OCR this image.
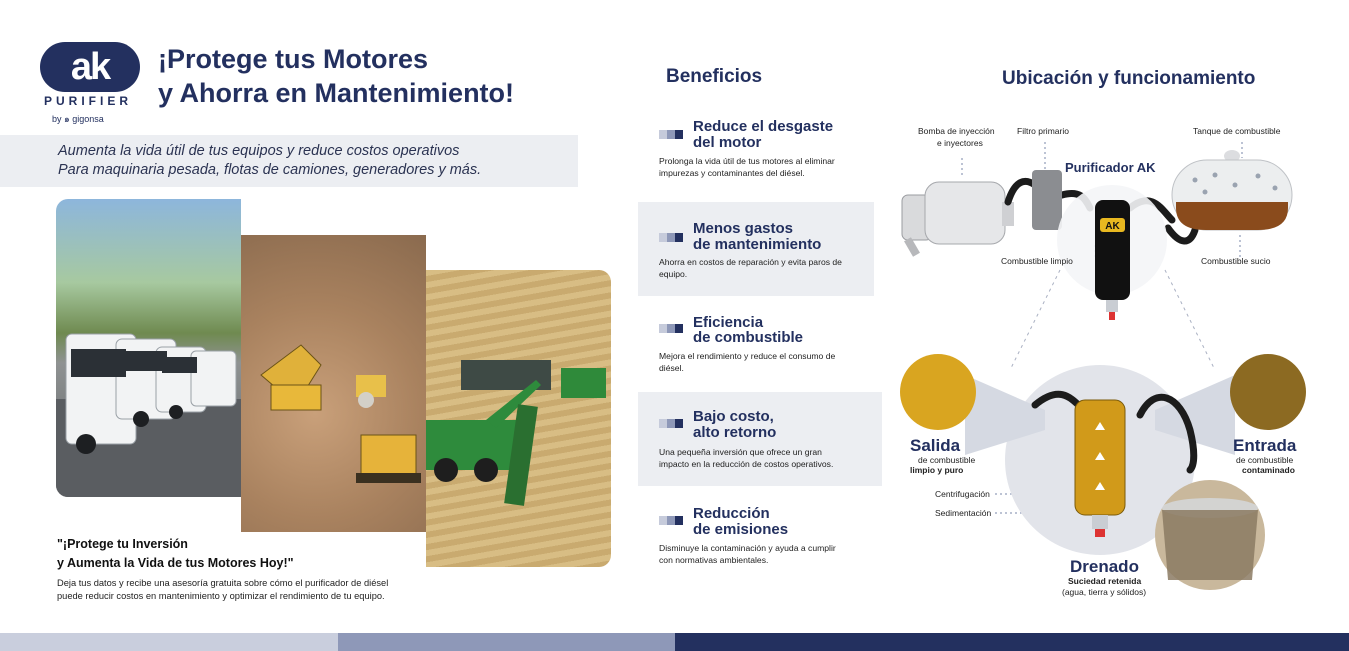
ak
PURIFIER
by ๑ gigonsa
¡Protege tus Motores
y Ahorra en Mantenimiento!
Aumenta la vida útil de tus equipos y reduce costos operativos
Para maquinaria pesada, flotas de camiones, generadores y más.
"¡Protege tu Inversión
y Aumenta la Vida de tus Motores Hoy!"
Deja tus datos y recibe una asesoría gratuita sobre cómo el purificador de diésel
puede reducir costos en mantenimiento y optimizar el rendimiento de tu equipo.
Beneficios
Reduce el desgaste
del motor
Prolonga la vida útil de tus motores al eliminar
impurezas y contaminantes del diésel.
Menos gastos
de mantenimiento
Ahorra en costos de reparación y evita paros de
equipo.
Eficiencia
de combustible
Mejora el rendimiento y reduce el consumo de
diésel.
Bajo costo,
alto retorno
Una pequeña inversión que ofrece un gran
impacto en la reducción de costos operativos.
Reducción
de emisiones
Disminuye la contaminación y ayuda a cumplir
con normativas ambientales.
Ubicación y funcionamiento
AK
Bomba de inyección
e inyectores
Filtro primario	Tanque de combustible
Purificador AK
Combustible limpio	Combustible sucio
Salida
de combustible
limpio y puro
Entrada
de combustible
contaminado
Centrifugación
Sedimentación
Drenado
Suciedad retenida
(agua, tierra y sólidos)
